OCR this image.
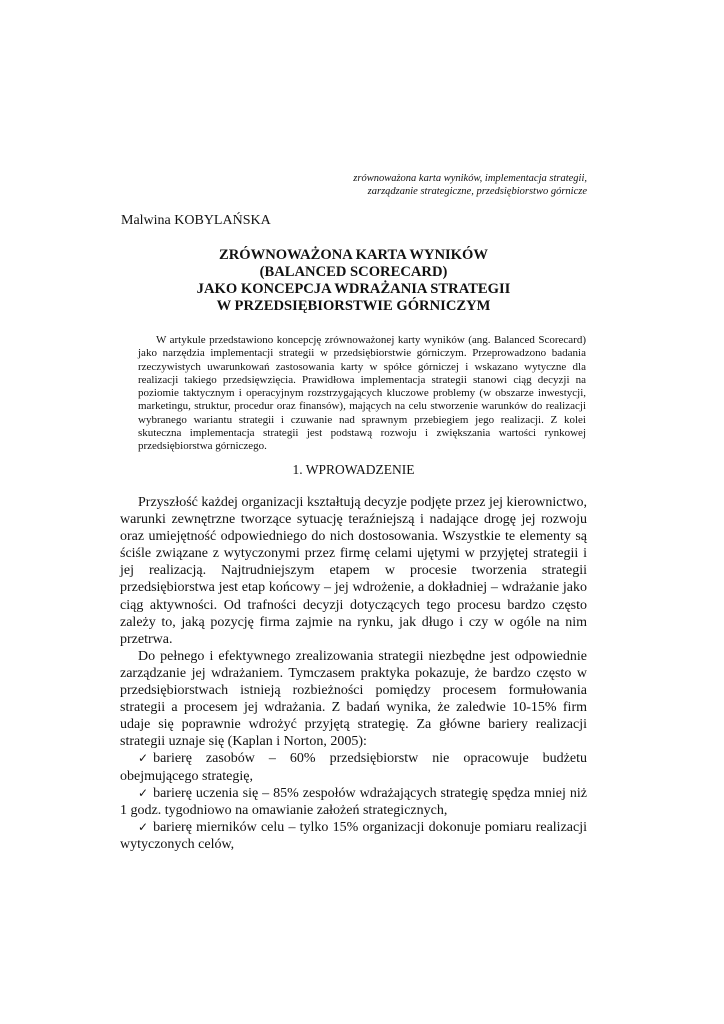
zrównoważona karta wyników, implementacja strategii,
zarządzanie strategiczne, przedsiębiorstwo górnicze
Malwina KOBYLAŃSKA
ZRÓWNOWAŻONA KARTA WYNIKÓW
(BALANCED SCORECARD)
JAKO KONCEPCJA WDRAŻANIA STRATEGII
W PRZEDSIĘBIORSTWIE GÓRNICZYM
W artykule przedstawiono koncepcję zrównoważonej karty wyników (ang. Balanced Scorecard) jako narzędzia implementacji strategii w przedsiębiorstwie górniczym. Przeprowadzono badania rzeczywistych uwarunkowań zastosowania karty w spółce górniczej i wskazano wytyczne dla realizacji takiego przedsięwzięcia. Prawidłowa implementacja strategii stanowi ciąg decyzji na poziomie taktycznym i operacyjnym rozstrzygających kluczowe problemy (w obszarze inwestycji, marketingu, struktur, procedur oraz finansów), mających na celu stworzenie warunków do realizacji wybranego wariantu strategii i czuwanie nad sprawnym przebiegiem jego realizacji. Z kolei skuteczna implementacja strategii jest podstawą rozwoju i zwiększania wartości rynkowej przedsiębiorstwa górniczego.
1. WPROWADZENIE

Przyszłość każdej organizacji kształtują decyzje podjęte przez jej kierownictwo, warunki zewnętrzne tworzące sytuację teraźniejszą i nadające drogę jej rozwoju oraz umiejętność odpowiedniego do nich dostosowania. Wszystkie te elementy są ściśle związane z wytyczonymi przez firmę celami ujętymi w przyjętej strategii i jej realizacją. Najtrudniejszym etapem w procesie tworzenia strategii przedsiębiorstwa jest etap końcowy – jej wdrożenie, a dokładniej – wdrażanie jako ciąg aktywności. Od trafności decyzji dotyczących tego procesu bardzo często zależy to, jaką pozycję firma zajmie na rynku, jak długo i czy w ogóle na nim przetrwa.

Do pełnego i efektywnego zrealizowania strategii niezbędne jest odpowiednie zarządzanie jej wdrażaniem. Tymczasem praktyka pokazuje, że bardzo często w przedsiębiorstwach istnieją rozbieżności pomiędzy procesem formułowania strategii a procesem jej wdrażania. Z badań wynika, że zaledwie 10-15% firm udaje się poprawnie wdrożyć przyjętą strategię. Za główne bariery realizacji strategii uznaje się (Kaplan i Norton, 2005):

✓ barierę zasobów – 60% przedsiębiorstw nie opracowuje budżetu obejmującego strategię,
✓ barierę uczenia się – 85% zespołów wdrażających strategię spędza mniej niż 1 godz. tygodniowo na omawianie założeń strategicznych,
✓ barierę mierników celu – tylko 15% organizacji dokonuje pomiaru realizacji wytyczonych celów,
